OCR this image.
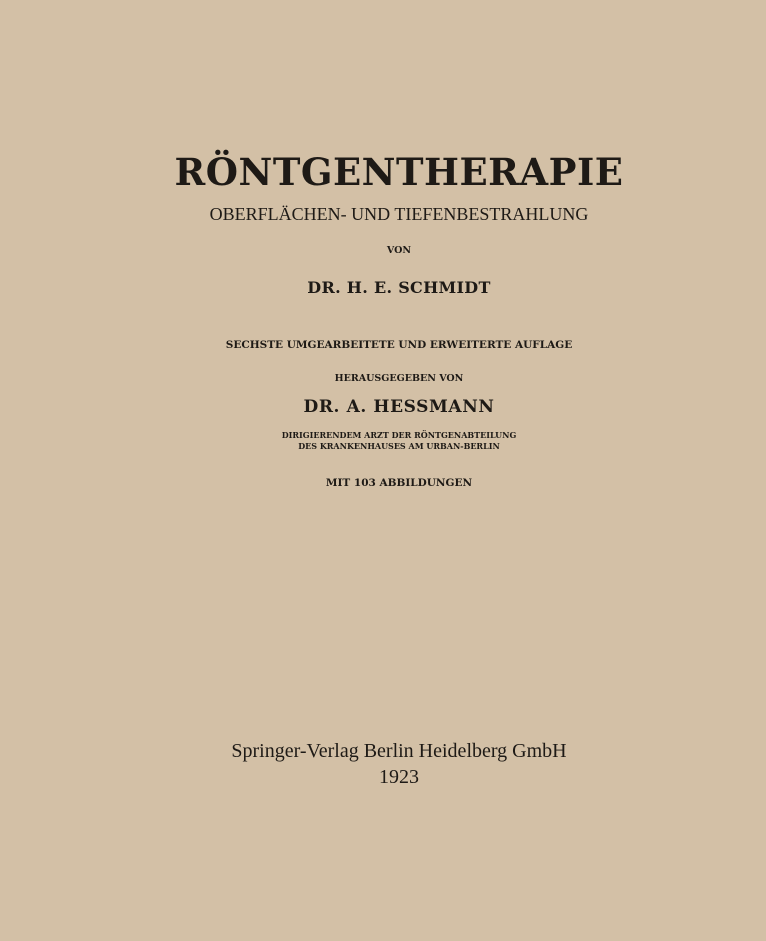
RÖNTGENTHERAPIE
OBERFLÄCHEN- UND TIEFENBESTRAHLUNG
VON
DR. H. E. SCHMIDT
SECHSTE UMGEARBEITETE UND ERWEITERTE AUFLAGE
HERAUSGEGEBEN VON
DR. A. HESSMANN
DIRIGIERENDEM ARZT DER RÖNTGENABTEILUNG
DES KRANKENHAUSES AM URBAN-BERLIN
MIT 103 ABBILDUNGEN
Springer-Verlag Berlin Heidelberg GmbH
1923
